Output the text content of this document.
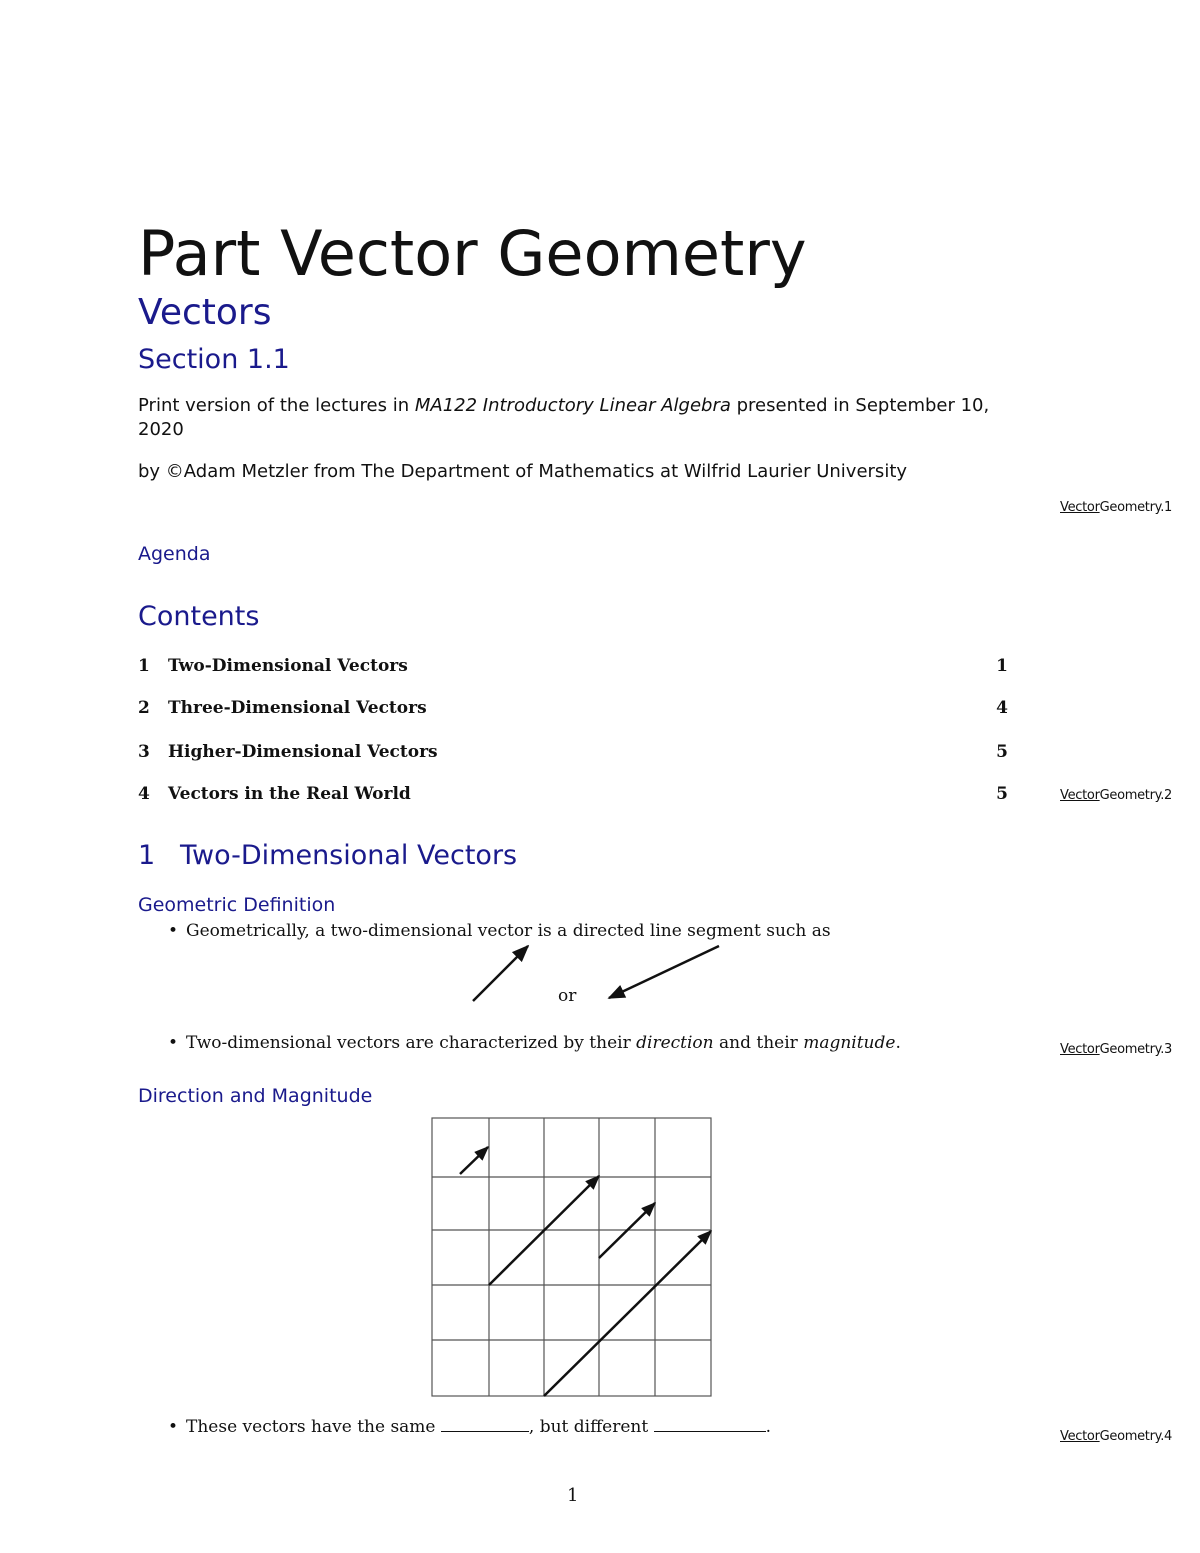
Part Vector Geometry
Vectors
Section 1.1
Print version of the lectures in MA122 Introductory Linear Algebra presented in September 10, 2020
by ©Adam Metzler from The Department of Mathematics at Wilfrid Laurier University
VectorGeometry.1
Agenda
Contents
1 Two-Dimensional Vectors	1
2 Three-Dimensional Vectors	4
3 Higher-Dimensional Vectors	5
4 Vectors in the Real World	5	VectorGeometry.2
1 Two-Dimensional Vectors
Geometric Definition
• Geometrically, a two-dimensional vector is a directed line segment such as
or
• Two-dimensional vectors are characterized by their direction and their magnitude.	VectorGeometry.3
Direction and Magnitude
• These vectors have the same	, but different	.	VectorGeometry.4
1
